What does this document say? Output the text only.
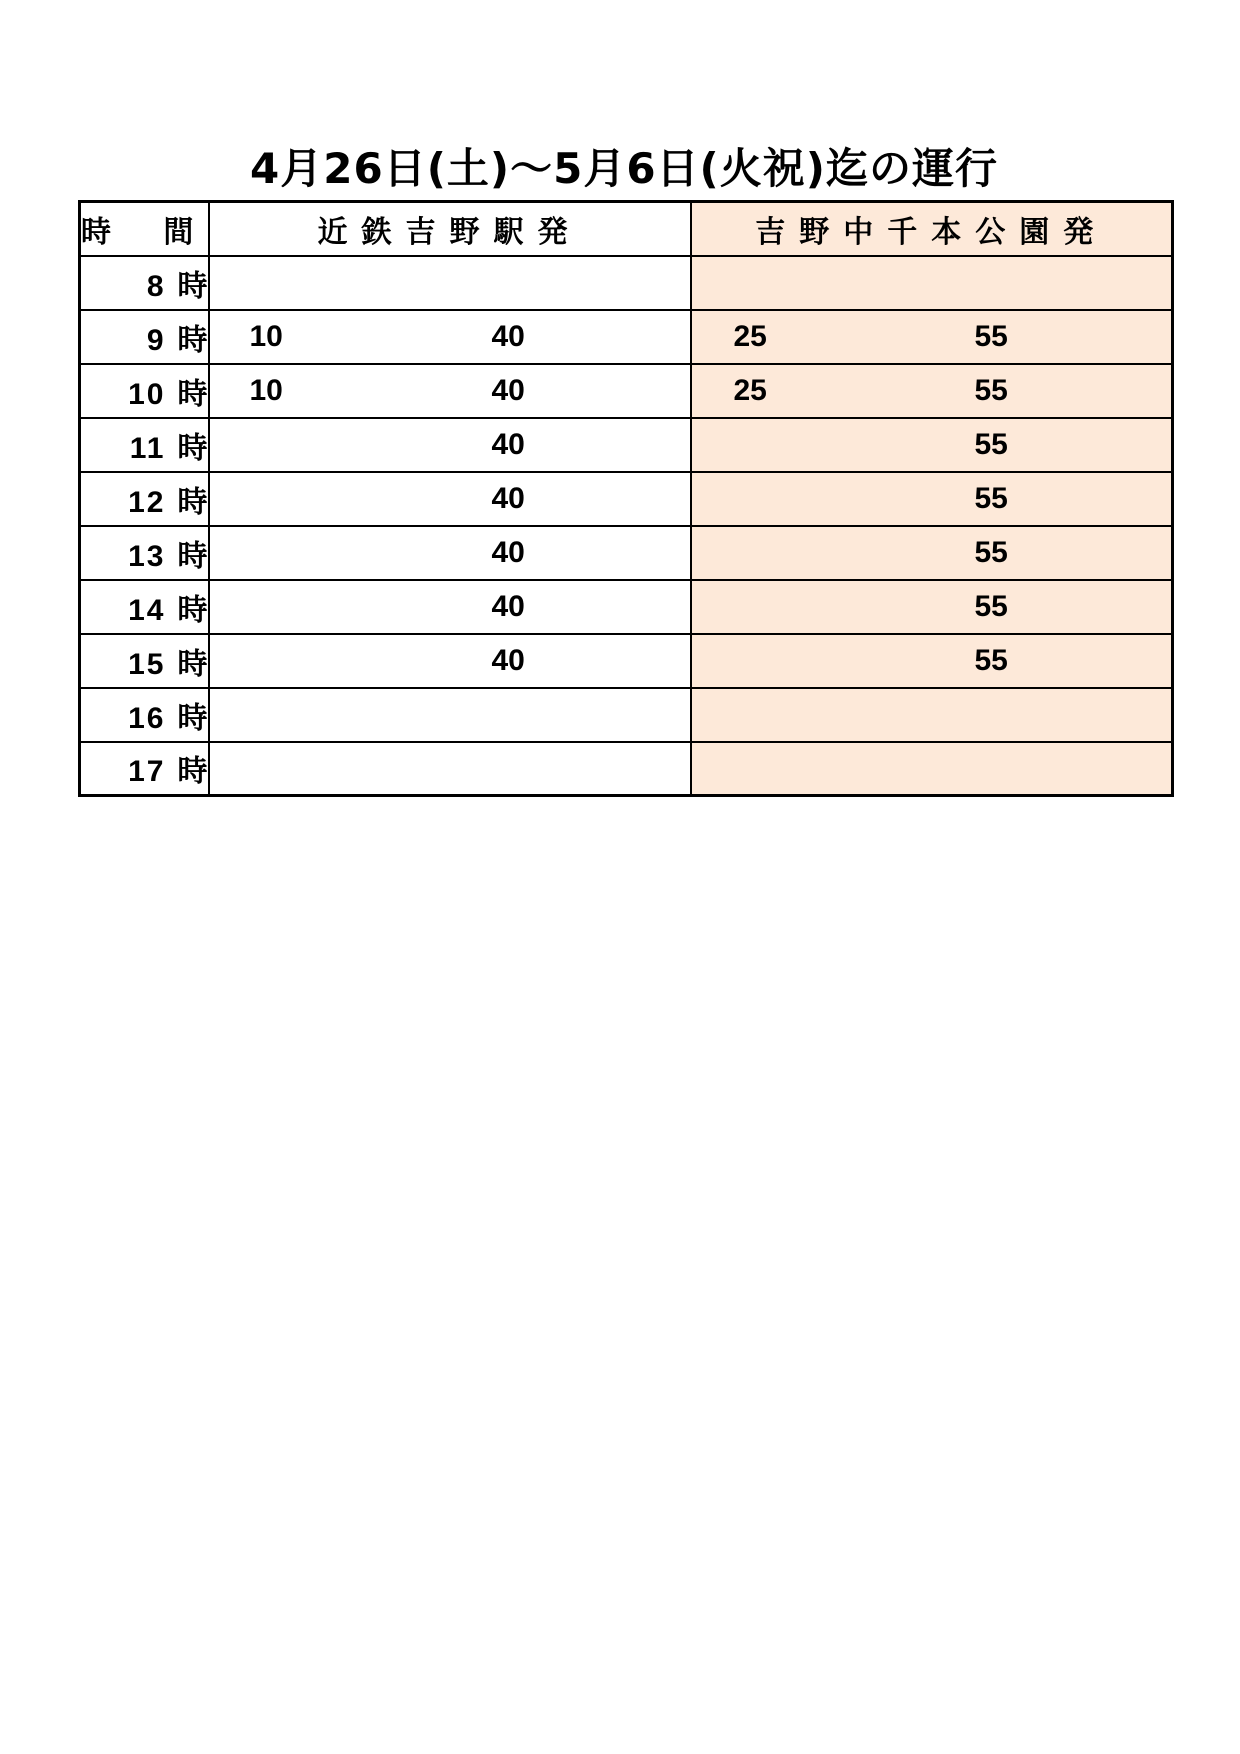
4月26日(土)～5月6日(火祝)迄の運行
時 間	近鉄吉野駅発	吉野中千本公園発
8 時	

9 時	10 40	25 55

10 時	10 40	25 55

11 時	40	55

12 時	40	55

13 時	40	55

14 時	40	55

15 時	40	55

16 時	

17 時	
